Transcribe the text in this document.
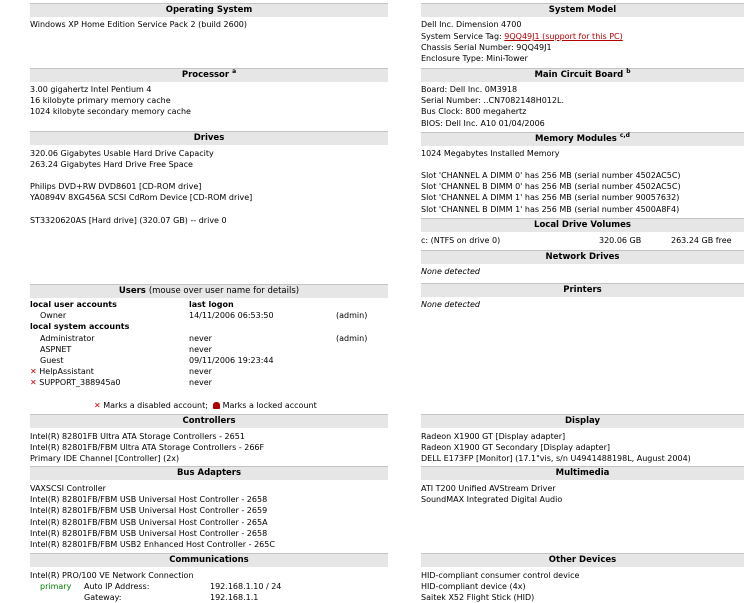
Operating System
Windows XP Home Edition Service Pack 2 (build 2600)
Processor $^a$
3.00 gigahertz Intel Pentium 4
16 kilobyte primary memory cache
1024 kilobyte secondary memory cache
Drives
320.06 Gigabytes Usable Hard Drive Capacity
263.24 Gigabytes Hard Drive Free Space
Philips DVD+RW DVD8601 [CD-ROM drive]
YA0894V 8XG456A SCSI CdRom Device [CD-ROM drive]
ST3320620AS [Hard drive] (320.07 GB) -- drive 0
Users (mouse over user name for details)
local user accounts	last logon
Owner	14/11/2006 06:53:50	(admin)
local system accounts
Administrator	never	(admin)
ASPNET	never
Guest	09/11/2006 19:23:44
✕ HelpAssistant	never
✕ SUPPORT_388945a0	never
✕ Marks a disabled account; Marks a locked account
Controllers
Intel(R) 82801FB Ultra ATA Storage Controllers - 2651
Intel(R) 82801FB/FBM Ultra ATA Storage Controllers - 266F
Primary IDE Channel [Controller] (2x)
Bus Adapters
VAXSCSI Controller
Intel(R) 82801FB/FBM USB Universal Host Controller - 2658
Intel(R) 82801FB/FBM USB Universal Host Controller - 2659
Intel(R) 82801FB/FBM USB Universal Host Controller - 265A
Intel(R) 82801FB/FBM USB Universal Host Controller - 2658
Intel(R) 82801FB/FBM USB2 Enhanced Host Controller - 265C
Communications
Intel(R) PRO/100 VE Network Connection
primary Auto IP Address:	192.168.1.10 / 24
Gateway:	192.168.1.1
System Model
Dell Inc. Dimension 4700
System Service Tag: 9QQ49J1 (support for this PC)
Chassis Serial Number: 9QQ49J1
Enclosure Type: Mini-Tower
Main Circuit Board $^b$
Board: Dell Inc. 0M3918
Serial Number: ..CN7082148H012L.
Bus Clock: 800 megahertz
BIOS: Dell Inc. A10 01/04/2006
Memory Modules $^{c,d}$
1024 Megabytes Installed Memory
Slot 'CHANNEL A DIMM 0' has 256 MB (serial number 4502AC5C)
Slot 'CHANNEL B DIMM 0' has 256 MB (serial number 4502AC5C)
Slot 'CHANNEL A DIMM 1' has 256 MB (serial number 90057632)
Slot 'CHANNEL B DIMM 1' has 256 MB (serial number 4500A8F4)
Local Drive Volumes
c: (NTFS on drive 0)	320.06 GB	263.24 GB free
Network Drives
None detected
Printers
None detected
Display
Radeon X1900 GT [Display adapter]
Radeon X1900 GT Secondary [Display adapter]
DELL E173FP [Monitor] (17.1"vis, s/n U4941488198L, August 2004)
Multimedia
ATI T200 Unified AVStream Driver
SoundMAX Integrated Digital Audio
Other Devices
HID-compliant consumer control device
HID-compliant device (4x)
Saitek X52 Flight Stick (HID)
